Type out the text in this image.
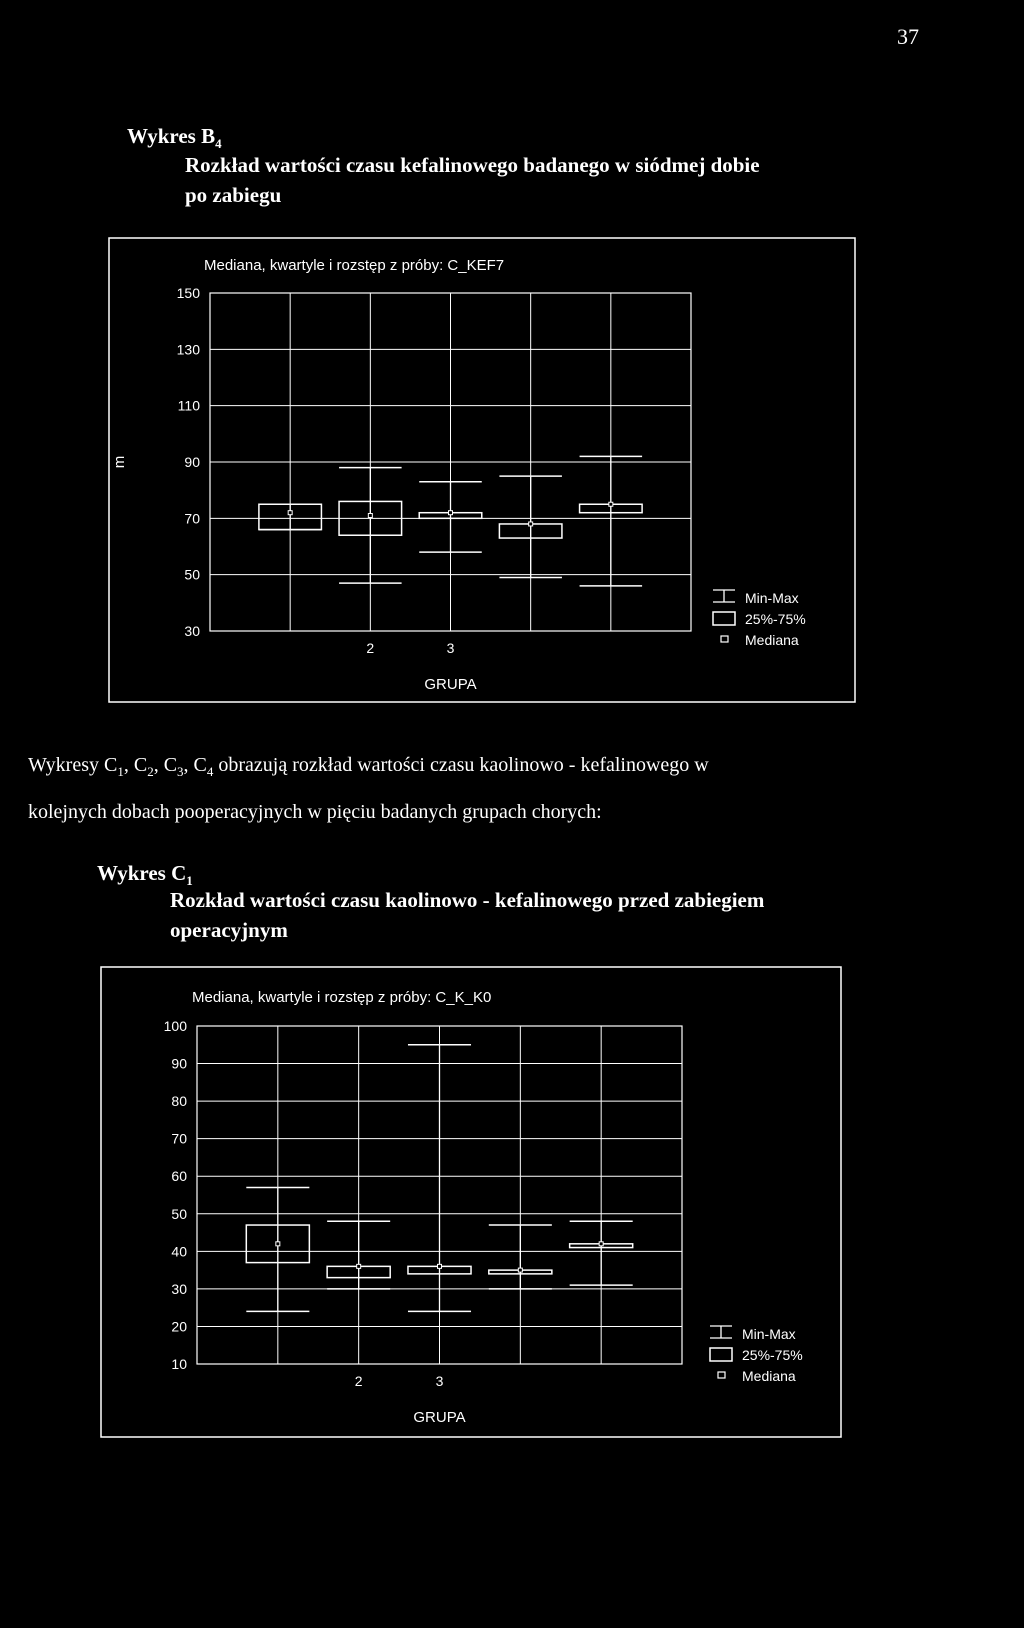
37
Wykres $B_4$
Rozkład wartości czasu kefalinowego badanego w siódmej dobie
po zabiegu
Mediana, kwartyle i rozstęp z próby: C_KEF7
150
130
110
90
70
50
30
2	3
GRUPA
m
Min-Max
25%-75%
Mediana
Wykresy $C_1$, $C_2$, $C_3$, $C_4$ obrazują rozkład wartości czasu kaolinowo - kefalinowego w
kolejnych dobach pooperacyjnych w pięciu badanych grupach chorych:
Wykres $C_1$
Rozkład wartości czasu kaolinowo - kefalinowego przed zabiegiem
operacyjnym
Mediana, kwartyle i rozstęp z próby: C_K_K0
100
90
80
70
60
50
40
30
20
10
2	3
GRUPA
Min-Max
25%-75%
Mediana
